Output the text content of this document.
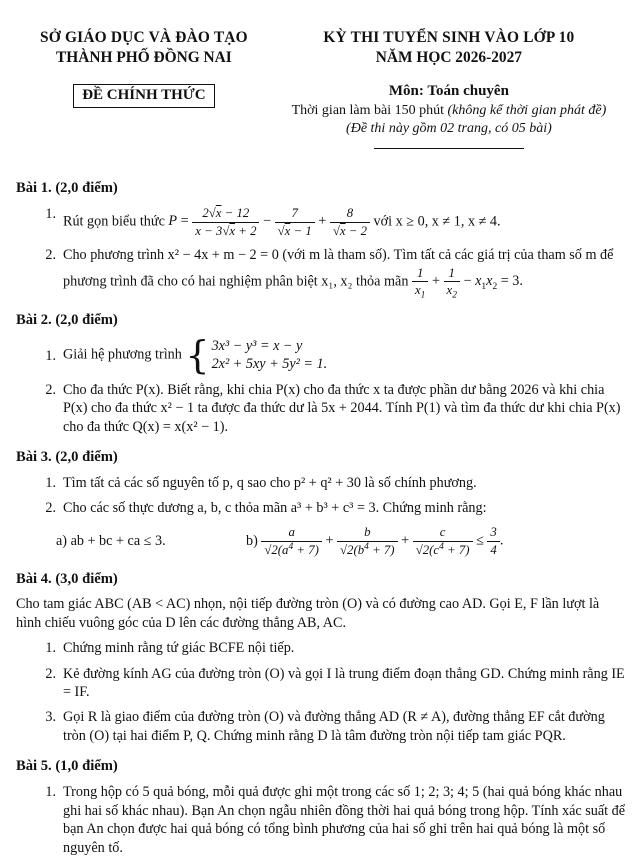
SỞ GIÁO DỤC VÀ ĐÀO TẠO
THÀNH PHỐ ĐỒNG NAI
ĐỀ CHÍNH THỨC
KỲ THI TUYỂN SINH VÀO LỚP 10
NĂM HỌC 2026-2027
Môn: Toán chuyên
Thời gian làm bài 150 phút (không kể thời gian phát đề)
(Đề thi này gồm 02 trang, có 05 bài)
Bài 1. (2,0 điểm)
1. Rút gọn biểu thức $P = \frac{2√x - 12}{x - 3√x + 2} - \frac{7}{√x - 1} + \frac{8}{√x - 2}$ với x ≥ 0, x ≠ 1, x ≠ 4.
2. Cho phương trình x² − 4x + m − 2 = 0 (với m là tham số). Tìm tất cả các giá trị của tham số m để phương trình đã cho có hai nghiệm phân biệt x₁, x₂ thỏa mãn $\frac{1}{x_1} + \frac{1}{x_2} - x_1x_2 = 3$.
Bài 2. (2,0 điểm)
1. Giải hệ phương trình { 3x³ − y³ = x − y
2x² + 5xy + 5y² = 1.
2. Cho đa thức P(x). Biết rằng, khi chia P(x) cho đa thức x ta được phần dư bằng 2026 và khi chia P(x) cho đa thức x² − 1 ta được đa thức dư là 5x + 2044. Tính P(1) và tìm đa thức dư khi chia P(x) cho đa thức Q(x) = x(x² − 1).
Bài 3. (2,0 điểm)
1. Tìm tất cả các số nguyên tố p, q sao cho p² + q² + 30 là số chính phương.
2. Cho các số thực dương a, b, c thỏa mãn a³ + b³ + c³ = 3. Chứng minh rằng:
a) ab + bc + ca ≤ 3.	b)
$\frac{a}{√2(a^4 + 7)} + \frac{b}{√2(b^4 + 7)} + \frac{c}{√2(c^4 + 7)} \le \frac{3}{4}$ .
Bài 4. (3,0 điểm)
Cho tam giác ABC (AB < AC) nhọn, nội tiếp đường tròn (O) và có đường cao AD. Gọi E, F lần lượt là hình chiếu vuông góc của D lên các đường thẳng AB, AC.
1. Chứng minh rằng tứ giác BCFE nội tiếp.
2. Kẻ đường kính AG của đường tròn (O) và gọi I là trung điểm đoạn thẳng GD. Chứng minh rằng IE = IF.
3. Gọi R là giao điểm của đường tròn (O) và đường thẳng AD (R ≠ A), đường thẳng EF cắt đường tròn (O) tại hai điểm P, Q. Chứng minh rằng D là tâm đường tròn nội tiếp tam giác PQR.
Bài 5. (1,0 điểm)
1. Trong hộp có 5 quả bóng, mỗi quả được ghi một trong các số 1; 2; 3; 4; 5 (hai quả bóng khác nhau ghi hai số khác nhau). Bạn An chọn ngẫu nhiên đồng thời hai quả bóng trong hộp. Tính xác suất để bạn An chọn được hai quả bóng có tổng bình phương của hai số ghi trên hai quả bóng là một số nguyên tố.
